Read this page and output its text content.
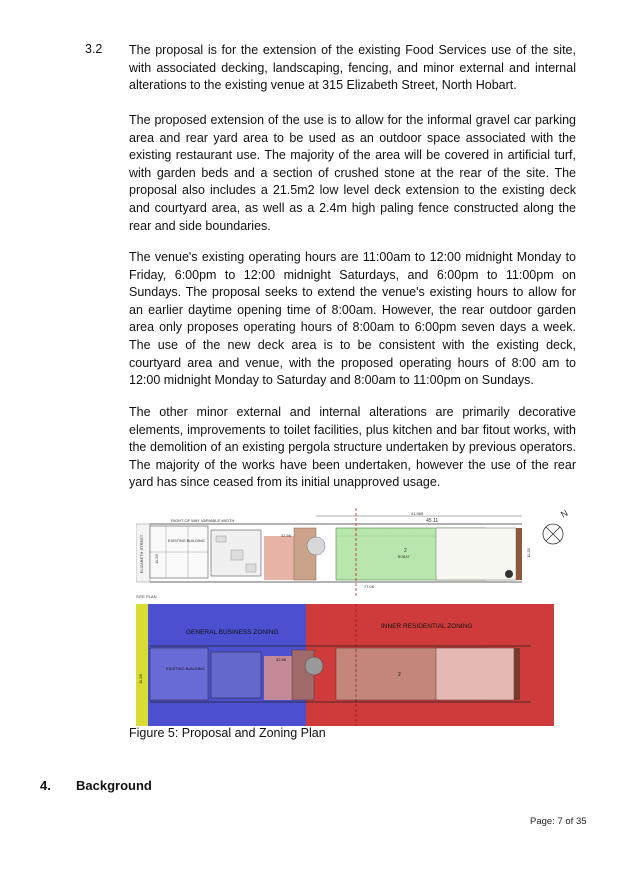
3.2 The proposal is for the extension of the existing Food Services use of the site, with associated decking, landscaping, fencing, and minor external and internal alterations to the existing venue at 315 Elizabeth Street, North Hobart.

The proposed extension of the use is to allow for the informal gravel car parking area and rear yard area to be used as an outdoor space associated with the existing restaurant use. The majority of the area will be covered in artificial turf, with garden beds and a section of crushed stone at the rear of the site. The proposal also includes a 21.5m2 low level deck extension to the existing deck and courtyard area, as well as a 2.4m high paling fence constructed along the rear and side boundaries.

The venue's existing operating hours are 11:00am to 12:00 midnight Monday to Friday, 6:00pm to 12:00 midnight Saturdays, and 6:00pm to 11:00pm on Sundays. The proposal seeks to extend the venue's existing hours to allow for an earlier daytime opening time of 8:00am. However, the rear outdoor garden area only proposes operating hours of 8:00am to 6:00pm seven days a week. The use of the new deck area is to be consistent with the existing deck, courtyard area and venue, with the proposed operating hours of 8:00 am to 12:00 midnight Monday to Saturday and 8:00am to 11:00pm on Sundays.

The other minor external and internal alterations are primarily decorative elements, improvements to toilet facilities, plus kitchen and bar fitout works, with the demolition of an existing pergola structure undertaken by previous operators. The majority of the works have been undertaken, however the use of the rear yard has since ceased from its initial unapproved usage.

ELIZABETH STREET
RIGHT OF WAY VARIABLE WIDTH
EXISTING BUILDING
32.56
2
BOBAT
41.965
45.11
77.06
11.28
11.28
N
SITE PLAN
GENERAL BUSINESS ZONING
INNER RESIDENTIAL ZONING
EXISTING BUILDING
2
32.56
11.28
Figure 5: Proposal and Zoning Plan
4. Background
Page: 7 of 35
